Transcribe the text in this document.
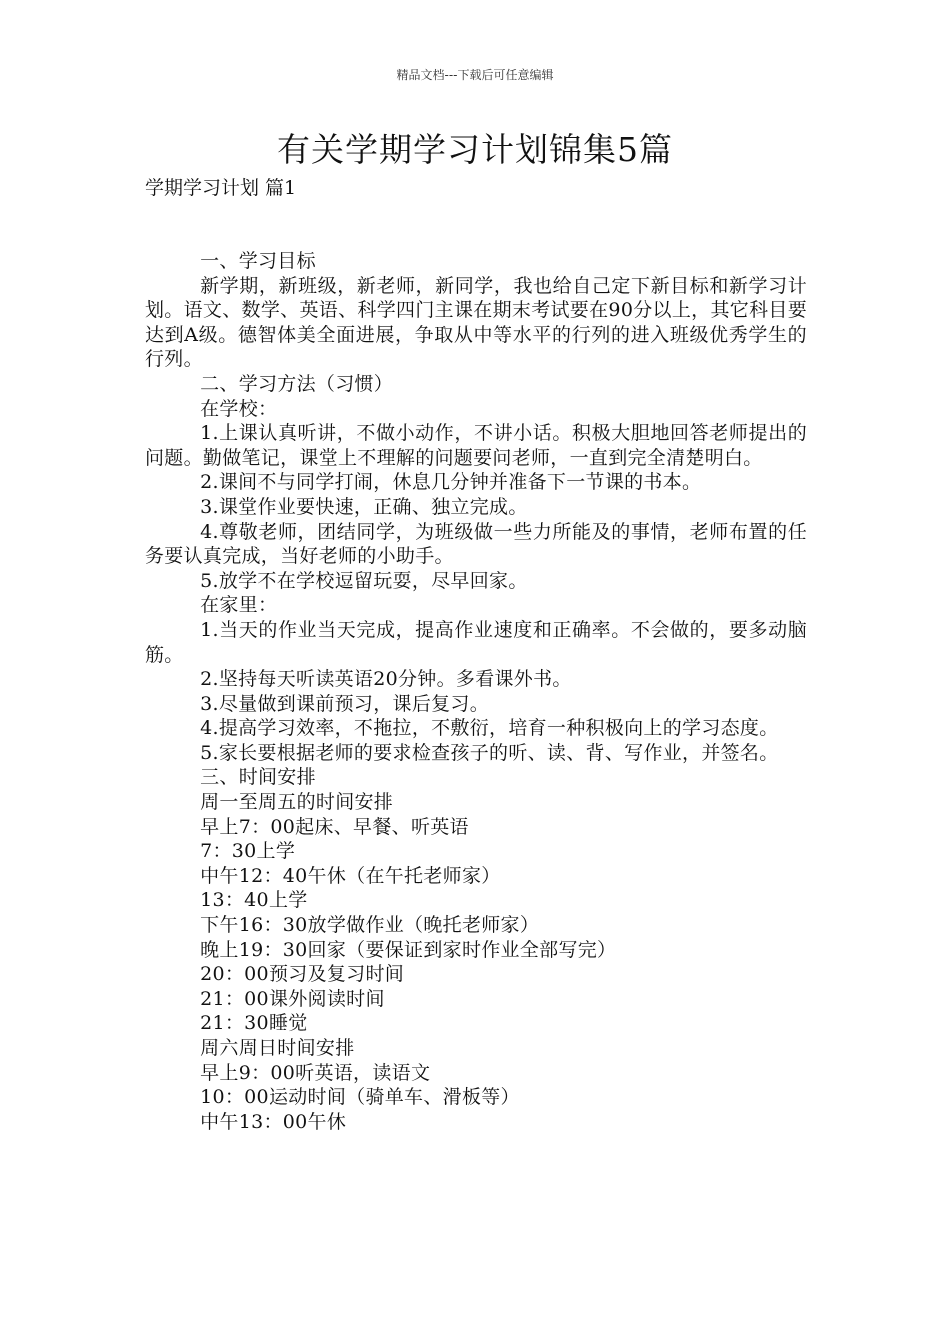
精品文档---下载后可任意编辑
有关学期学习计划锦集5篇
学期学习计划 篇1

一、学习目标

新学期，新班级，新老师，新同学，我也给自己定下新目标和新学习计划。语文、数学、英语、科学四门主课在期末考试要在90分以上，其它科目要达到A级。德智体美全面进展，争取从中等水平的行列的进入班级优秀学生的行列。

二、学习方法（习惯）

在学校：

1.上课认真听讲，不做小动作，不讲小话。积极大胆地回答老师提出的问题。勤做笔记，课堂上不理解的问题要问老师，一直到完全清楚明白。

2.课间不与同学打闹，休息几分钟并准备下一节课的书本。

3.课堂作业要快速，正确、独立完成。

4.尊敬老师，团结同学，为班级做一些力所能及的事情，老师布置的任务要认真完成，当好老师的小助手。

5.放学不在学校逗留玩耍，尽早回家。

在家里：

1.当天的作业当天完成，提高作业速度和正确率。不会做的，要多动脑筋。

2.坚持每天听读英语20分钟。多看课外书。

3.尽量做到课前预习，课后复习。

4.提高学习效率，不拖拉，不敷衍，培育一种积极向上的学习态度。

5.家长要根据老师的要求检查孩子的听、读、背、写作业，并签名。

三、时间安排

周一至周五的时间安排

早上7：00起床、早餐、听英语

7：30上学

中午12：40午休（在午托老师家）

13：40上学

下午16：30放学做作业（晚托老师家）

晚上19：30回家（要保证到家时作业全部写完）

20：00预习及复习时间

21：00课外阅读时间

21：30睡觉

周六周日时间安排

早上9：00听英语，读语文

10：00运动时间（骑单车、滑板等）

中午13：00午休
